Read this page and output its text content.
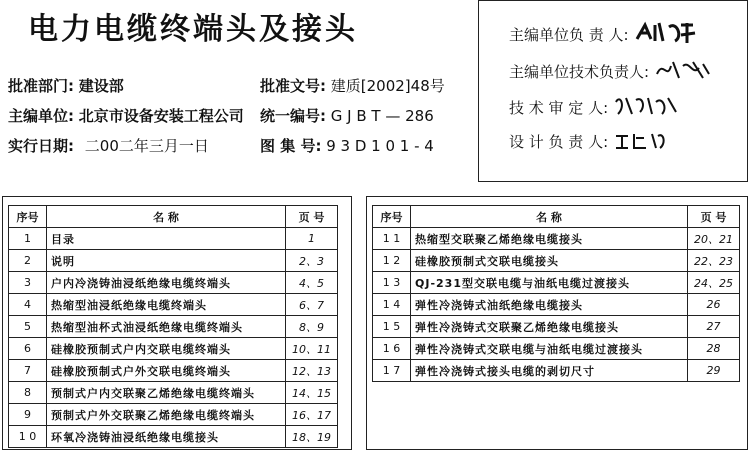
电力电缆终端头及接头
批准部门: 建设部	批准文号: 建质[2002]48号
主编单位: 北京市设备安装工程公司 统一编号: G J B T — 286
实行日期: 二00二年三月一日	图 集 号: 9 3 D 1 0 1 - 4
主编单位负 责 人:
主编单位技术负责人:
技 术 审 定 人:
设 计 负 责 人:
序号	名 称	页 号
1	目录	1
2	说明	2、3
3	户内冷浇铸油浸纸绝缘电缆终端头	4、5
4	热缩型油浸纸绝缘电缆终端头	6、7
5	热缩型油杯式油浸纸绝缘电缆终端头	8、9
6	硅橡胶预制式户内交联电缆终端头	10、11
7	硅橡胶预制式户外交联电缆终端头	12、13
8	预制式户内交联聚乙烯绝缘电缆终端头	14、15
9	预制式户外交联聚乙烯绝缘电缆终端头	16、17
1 0	环氧冷浇铸油浸纸绝缘电缆接头	18、19
序号	名 称	页 号
1 1	热缩型交联聚乙烯绝缘电缆接头	20、21
1 2	硅橡胶预制式交联电缆接头	22、23
1 3	QJ-231型交联电缆与油纸电缆过渡接头	24、25
1 4	弹性冷浇铸式油纸绝缘电缆接头	26
1 5	弹性冷浇铸式交联聚乙烯绝缘电缆接头	27
1 6	弹性冷浇铸式交联电缆与油纸电缆过渡接头	28
1 7	弹性冷浇铸式接头电缆的剥切尺寸	29
